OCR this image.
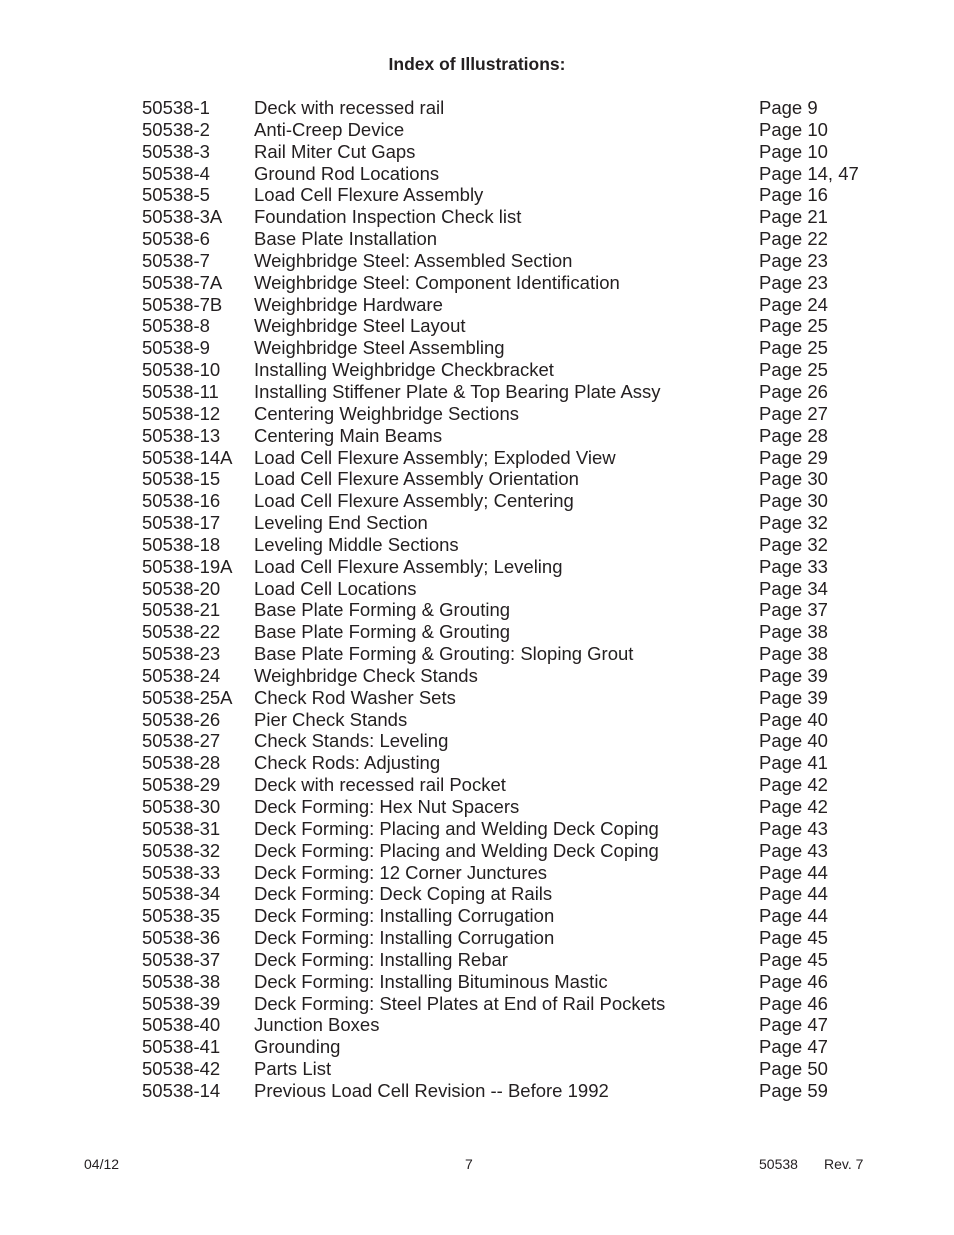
Index of Illustrations:
50538-1 Deck with recessed rail	Page 9
50538-2 Anti-Creep Device	Page 10
50538-3 Rail Miter Cut Gaps	Page 10
50538-4 Ground Rod Locations	Page 14, 47
50538-5 Load Cell Flexure Assembly	Page 16
50538-3A Foundation Inspection Check list	Page 21
50538-6 Base Plate Installation	Page 22
50538-7 Weighbridge Steel: Assembled Section	Page 23
50538-7A Weighbridge Steel: Component Identification	Page 23
50538-7B Weighbridge Hardware	Page 24
50538-8 Weighbridge Steel Layout	Page 25
50538-9 Weighbridge Steel Assembling	Page 25
50538-10 Installing Weighbridge Checkbracket	Page 25
50538-11 Installing Stiffener Plate & Top Bearing Plate Assy	Page 26
50538-12 Centering Weighbridge Sections	Page 27
50538-13 Centering Main Beams	Page 28
50538-14A Load Cell Flexure Assembly; Exploded View	Page 29
50538-15 Load Cell Flexure Assembly Orientation	Page 30
50538-16 Load Cell Flexure Assembly; Centering	Page 30
50538-17 Leveling End Section	Page 32
50538-18 Leveling Middle Sections	Page 32
50538-19A Load Cell Flexure Assembly; Leveling	Page 33
50538-20 Load Cell Locations	Page 34
50538-21 Base Plate Forming & Grouting	Page 37
50538-22 Base Plate Forming & Grouting	Page 38
50538-23 Base Plate Forming & Grouting: Sloping Grout	Page 38
50538-24 Weighbridge Check Stands	Page 39
50538-25A Check Rod Washer Sets	Page 39
50538-26 Pier Check Stands	Page 40
50538-27 Check Stands: Leveling	Page 40
50538-28 Check Rods: Adjusting	Page 41
50538-29 Deck with recessed rail Pocket	Page 42
50538-30 Deck Forming: Hex Nut Spacers	Page 42
50538-31 Deck Forming: Placing and Welding Deck Coping	Page 43
50538-32 Deck Forming: Placing and Welding Deck Coping	Page 43
50538-33 Deck Forming: 12 Corner Junctures	Page 44
50538-34 Deck Forming: Deck Coping at Rails	Page 44
50538-35 Deck Forming: Installing Corrugation	Page 44
50538-36 Deck Forming: Installing Corrugation	Page 45
50538-37 Deck Forming: Installing Rebar	Page 45
50538-38 Deck Forming: Installing Bituminous Mastic	Page 46
50538-39 Deck Forming: Steel Plates at End of Rail Pockets	Page 46
50538-40 Junction Boxes	Page 47
50538-41 Grounding	Page 47
50538-42 Parts List	Page 50
50538-14 Previous Load Cell Revision -- Before 1992	Page 59
04/12	7	50538 Rev. 7
